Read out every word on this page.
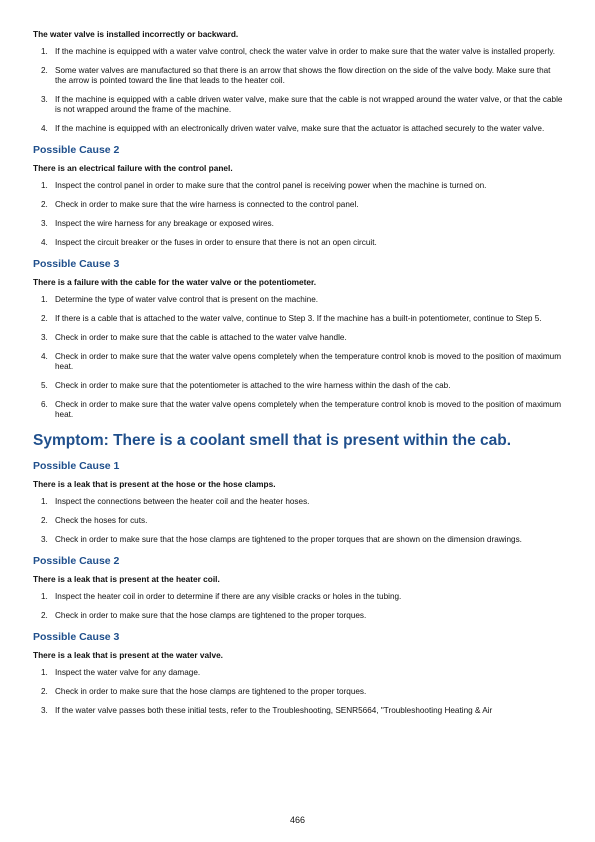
The water valve is installed incorrectly or backward.
1. If the machine is equipped with a water valve control, check the water valve in order to make sure that the water valve is installed properly.
2. Some water valves are manufactured so that there is an arrow that shows the flow direction on the side of the valve body. Make sure that the arrow is pointed toward the line that leads to the heater coil.
3. If the machine is equipped with a cable driven water valve, make sure that the cable is not wrapped around the water valve, or that the cable is not wrapped around the frame of the machine.
4. If the machine is equipped with an electronically driven water valve, make sure that the actuator is attached securely to the water valve.
Possible Cause 2
There is an electrical failure with the control panel.
1. Inspect the control panel in order to make sure that the control panel is receiving power when the machine is turned on.
2. Check in order to make sure that the wire harness is connected to the control panel.
3. Inspect the wire harness for any breakage or exposed wires.
4. Inspect the circuit breaker or the fuses in order to ensure that there is not an open circuit.
Possible Cause 3
There is a failure with the cable for the water valve or the potentiometer.
1. Determine the type of water valve control that is present on the machine.
2. If there is a cable that is attached to the water valve, continue to Step 3. If the machine has a built-in potentiometer, continue to Step 5.
3. Check in order to make sure that the cable is attached to the water valve handle.
4. Check in order to make sure that the water valve opens completely when the temperature control knob is moved to the position of maximum heat.
5. Check in order to make sure that the potentiometer is attached to the wire harness within the dash of the cab.
6. Check in order to make sure that the water valve opens completely when the temperature control knob is moved to the position of maximum heat.
Symptom: There is a coolant smell that is present within the cab.
Possible Cause 1
There is a leak that is present at the hose or the hose clamps.
1. Inspect the connections between the heater coil and the heater hoses.
2. Check the hoses for cuts.
3. Check in order to make sure that the hose clamps are tightened to the proper torques that are shown on the dimension drawings.
Possible Cause 2
There is a leak that is present at the heater coil.
1. Inspect the heater coil in order to determine if there are any visible cracks or holes in the tubing.
2. Check in order to make sure that the hose clamps are tightened to the proper torques.
Possible Cause 3
There is a leak that is present at the water valve.
1. Inspect the water valve for any damage.
2. Check in order to make sure that the hose clamps are tightened to the proper torques.
3. If the water valve passes both these initial tests, refer to the Troubleshooting, SENR5664, "Troubleshooting Heating & Air
466
